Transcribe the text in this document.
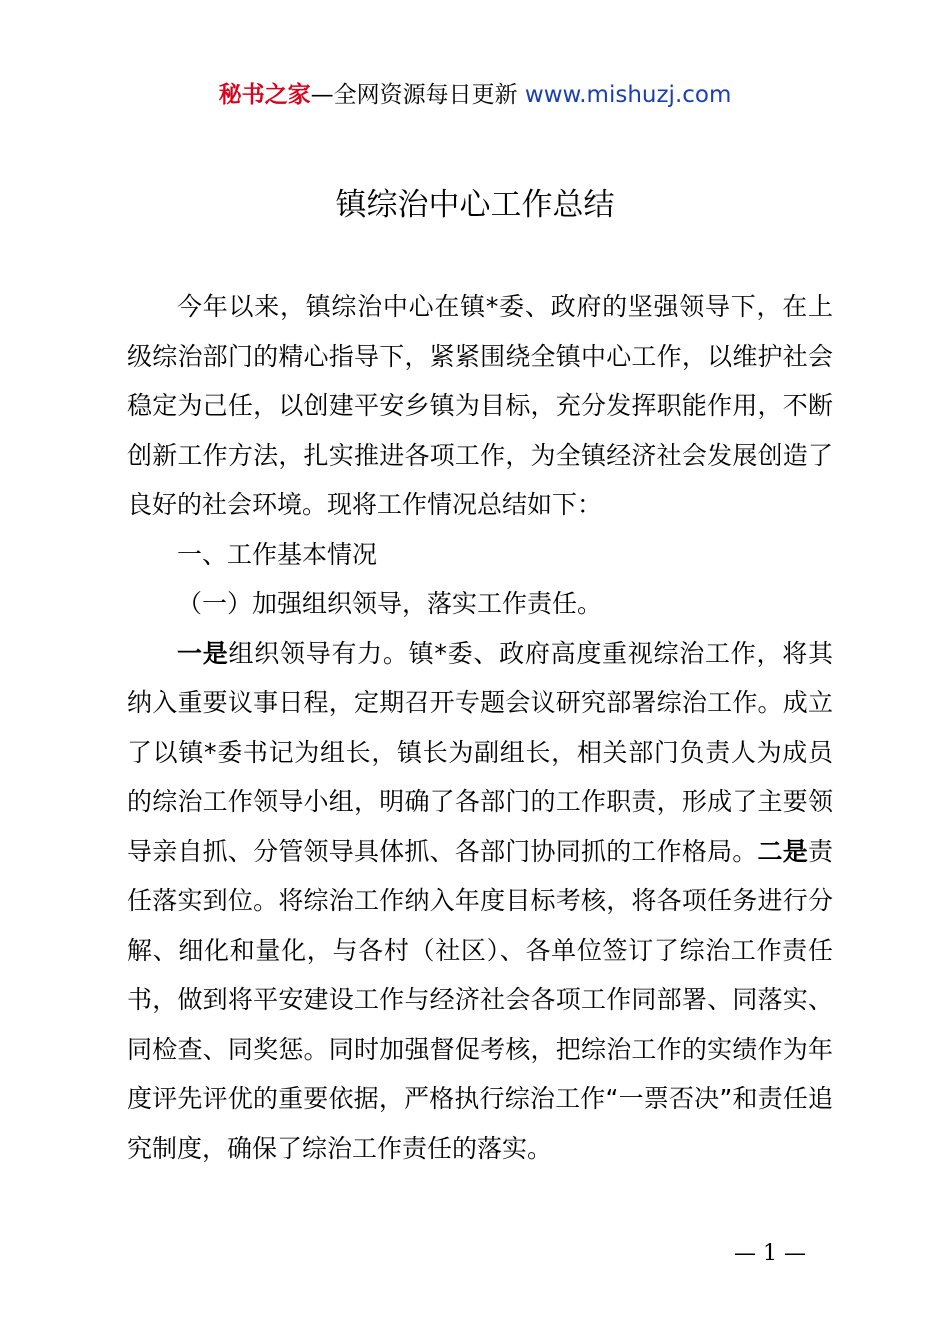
秘书之家—全网资源每日更新 www.mishuzj.com
镇综治中心工作总结

今年以来，镇综治中心在镇*委、政府的坚强领导下，在上级综治部门的精心指导下，紧紧围绕全镇中心工作，以维护社会稳定为己任，以创建平安乡镇为目标，充分发挥职能作用，不断创新工作方法，扎实推进各项工作，为全镇经济社会发展创造了良好的社会环境。现将工作情况总结如下：

一、工作基本情况

（一）加强组织领导，落实工作责任。

一是组织领导有力。镇*委、政府高度重视综治工作，将其纳入重要议事日程，定期召开专题会议研究部署综治工作。成立了以镇*委书记为组长，镇长为副组长，相关部门负责人为成员的综治工作领导小组，明确了各部门的工作职责，形成了主要领导亲自抓、分管领导具体抓、各部门协同抓的工作格局。二是责任落实到位。将综治工作纳入年度目标考核，将各项任务进行分解、细化和量化，与各村（社区）、各单位签订了综治工作责任书，做到将平安建设工作与经济社会各项工作同部署、同落实、同检查、同奖惩。同时加强督促考核，把综治工作的实绩作为年度评先评优的重要依据，严格执行综治工作“一票否决”和责任追究制度，确保了综治工作责任的落实。

— 1 —
